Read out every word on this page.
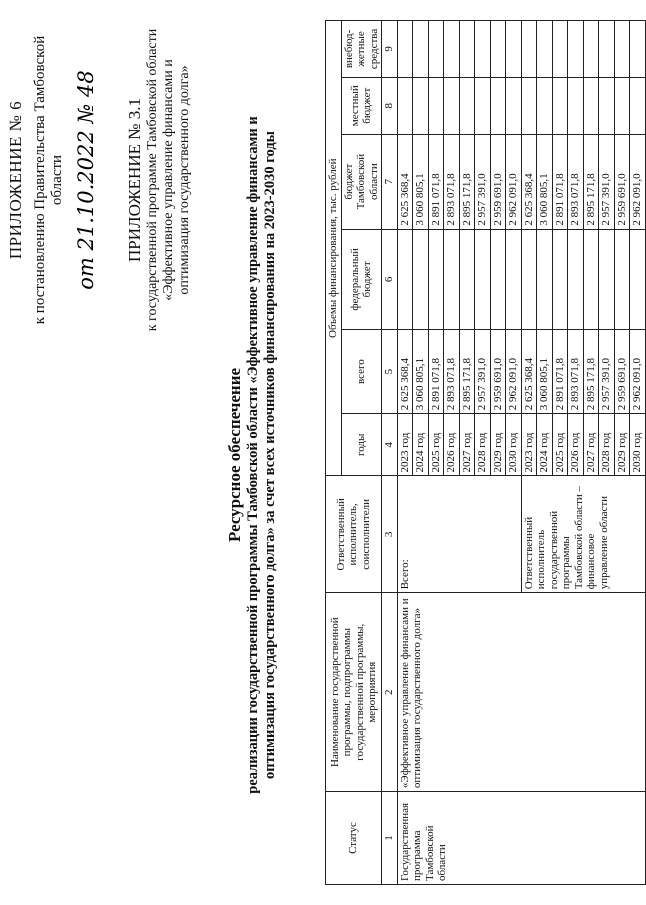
ПРИЛОЖЕНИЕ № 6 к постановлению Правительства Тамбовской области от 21.10.2022 № 48 ПРИЛОЖЕНИЕ № 3.1 к государственной программе Тамбовской области «Эффективное управление финансами и оптимизация государственного долга»
Ресурсное обеспечение реализации государственной программы Тамбовской области «Эффективное управление финансами и оптимизация государственного долга» за счет всех источников финансирования на 2023-2030 годы
Статус	Наименование государственной программы, подпрограммы государственной программы, мероприятия	Ответственный исполнитель, соисполнители	Объемы финансирования, тыс. рублей					
			годы	всего	федеральный бюджет	бюджет Тамбовской области	местный бюджет	внебюд-жетные средства
1	2	3	4	5	6	7	8	9
Государственная программа Тамбовской области	«Эффективное управление финансами и оптимизация государственного долга»	Всего:	2023 год	2 625 368,4		2 625 368,4		
			2024 год	3 060 805,1		3 060 805,1		
			2025 год	2 891 071,8		2 891 071,8		
			2026 год	2 893 071,8		2 893 071,8		
			2027 год	2 895 171,8		2 895 171,8		
			2028 год	2 957 391,0		2 957 391,0		
			2029 год	2 959 691,0		2 959 691,0		
			2030 год	2 962 091,0		2 962 091,0		
		Ответственный исполнитель государственной программы Тамбовской области – финансовое управление области	2023 год	2 625 368,4		2 625 368,4		
			2024 год	3 060 805,1		3 060 805,1		
			2025 год	2 891 071,8		2 891 071,8		
			2026 год	2 893 071,8		2 893 071,8		
			2027 год	2 895 171,8		2 895 171,8		
			2028 год	2 957 391,0		2 957 391,0		
			2029 год	2 959 691,0		2 959 691,0		
			2030 год	2 962 091,0		2 962 091,0		
